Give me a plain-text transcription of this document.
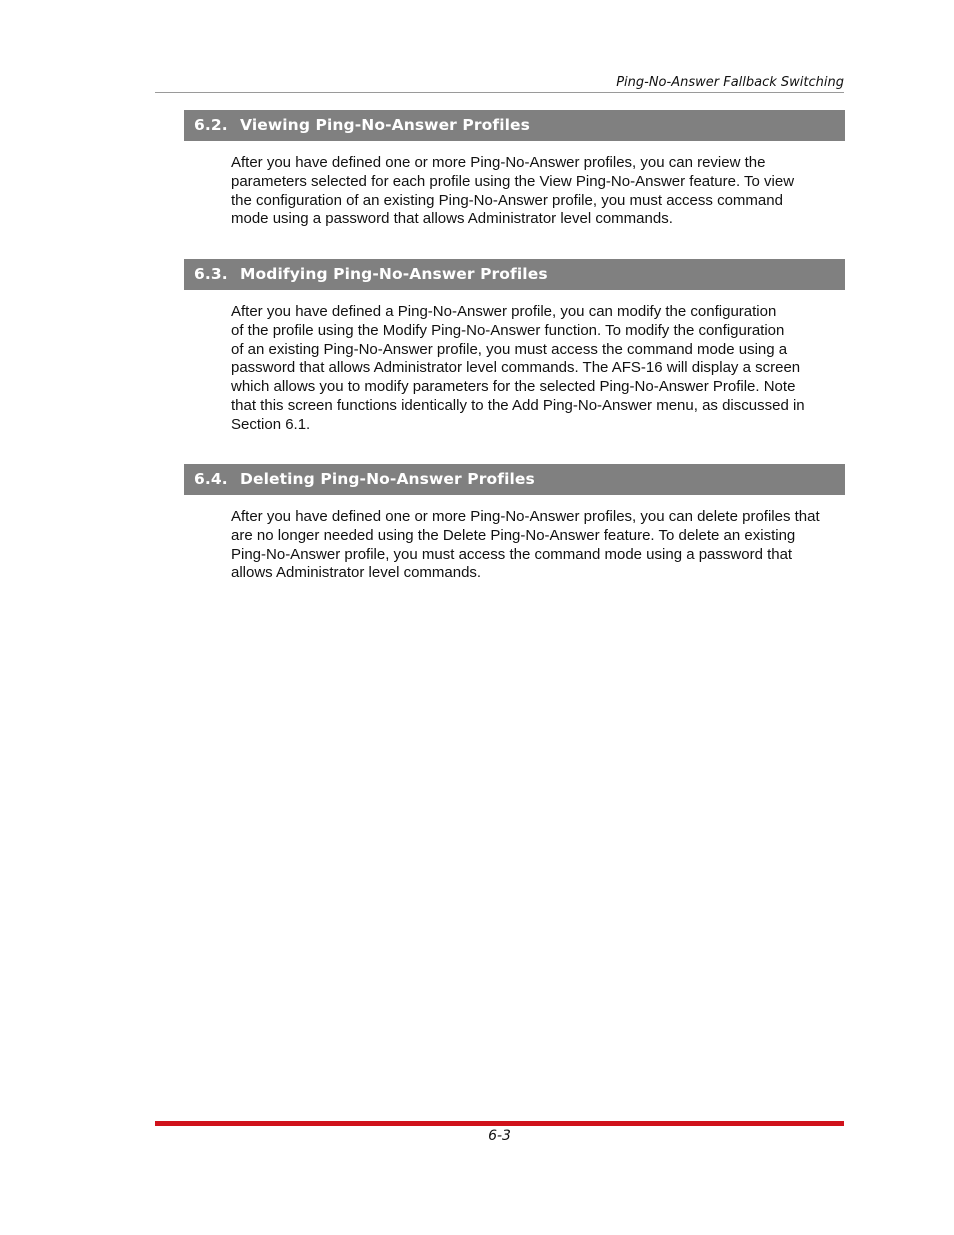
Ping-No-Answer Fallback Switching
6.2. Viewing Ping-No-Answer Profiles

After you have defined one or more Ping-No-Answer profiles, you can review the
parameters selected for each profile using the View Ping-No-Answer feature. To view
the configuration of an existing Ping-No-Answer profile, you must access command
mode using a password that allows Administrator level commands.

6.3. Modifying Ping-No-Answer Profiles

After you have defined a Ping-No-Answer profile, you can modify the configuration
of the profile using the Modify Ping-No-Answer function. To modify the configuration
of an existing Ping-No-Answer profile, you must access the command mode using a
password that allows Administrator level commands. The AFS-16 will display a screen
which allows you to modify parameters for the selected Ping-No-Answer Profile. Note
that this screen functions identically to the Add Ping-No-Answer menu, as discussed in
Section 6.1.

6.4. Deleting Ping-No-Answer Profiles

After you have defined one or more Ping-No-Answer profiles, you can delete profiles that
are no longer needed using the Delete Ping-No-Answer feature. To delete an existing
Ping-No-Answer profile, you must access the command mode using a password that
allows Administrator level commands.

6-3
